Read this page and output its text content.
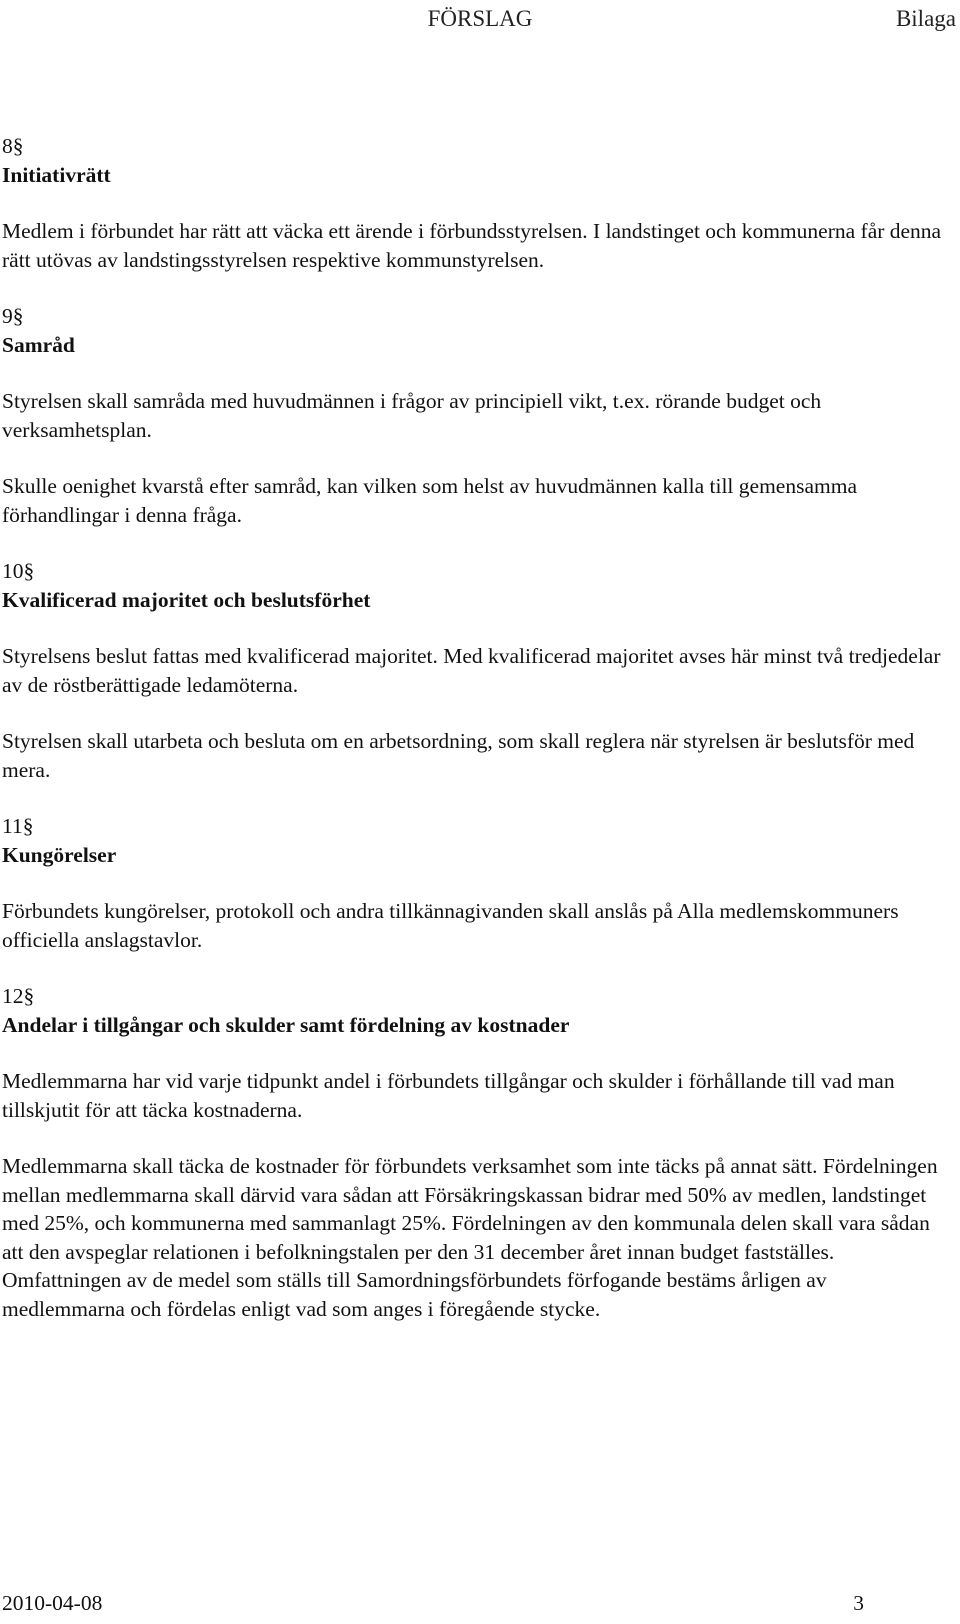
FÖRSLAG	Bilaga
8§
Initiativrätt

Medlem i förbundet har rätt att väcka ett ärende i förbundsstyrelsen. I landstinget och kommunerna får denna rätt utövas av landstingsstyrelsen respektive kommunstyrelsen.

9§
Samråd

Styrelsen skall samråda med huvudmännen i frågor av principiell vikt, t.ex. rörande budget och verksamhetsplan.

Skulle oenighet kvarstå efter samråd, kan vilken som helst av huvudmännen kalla till gemensamma förhandlingar i denna fråga.

10§
Kvalificerad majoritet och beslutsförhet

Styrelsens beslut fattas med kvalificerad majoritet. Med kvalificerad majoritet avses här minst två tredjedelar av de röstberättigade ledamöterna.

Styrelsen skall utarbeta och besluta om en arbetsordning, som skall reglera när styrelsen är beslutsför med mera.

11§
Kungörelser

Förbundets kungörelser, protokoll och andra tillkännagivanden skall anslås på Alla medlemskommuners officiella anslagstavlor.

12§
Andelar i tillgångar och skulder samt fördelning av kostnader

Medlemmarna har vid varje tidpunkt andel i förbundets tillgångar och skulder i förhållande till vad man tillskjutit för att täcka kostnaderna.

Medlemmarna skall täcka de kostnader för förbundets verksamhet som inte täcks på annat sätt. Fördelningen mellan medlemmarna skall därvid vara sådan att Försäkringskassan bidrar med 50% av medlen, landstinget med 25%, och kommunerna med sammanlagt 25%. Fördelningen av den kommunala delen skall vara sådan att den avspeglar relationen i befolkningstalen per den 31 december året innan budget fastställes.

Omfattningen av de medel som ställs till Samordningsförbundets förfogande bestäms årligen av medlemmarna och fördelas enligt vad som anges i föregående stycke.

2010-04-08	3
